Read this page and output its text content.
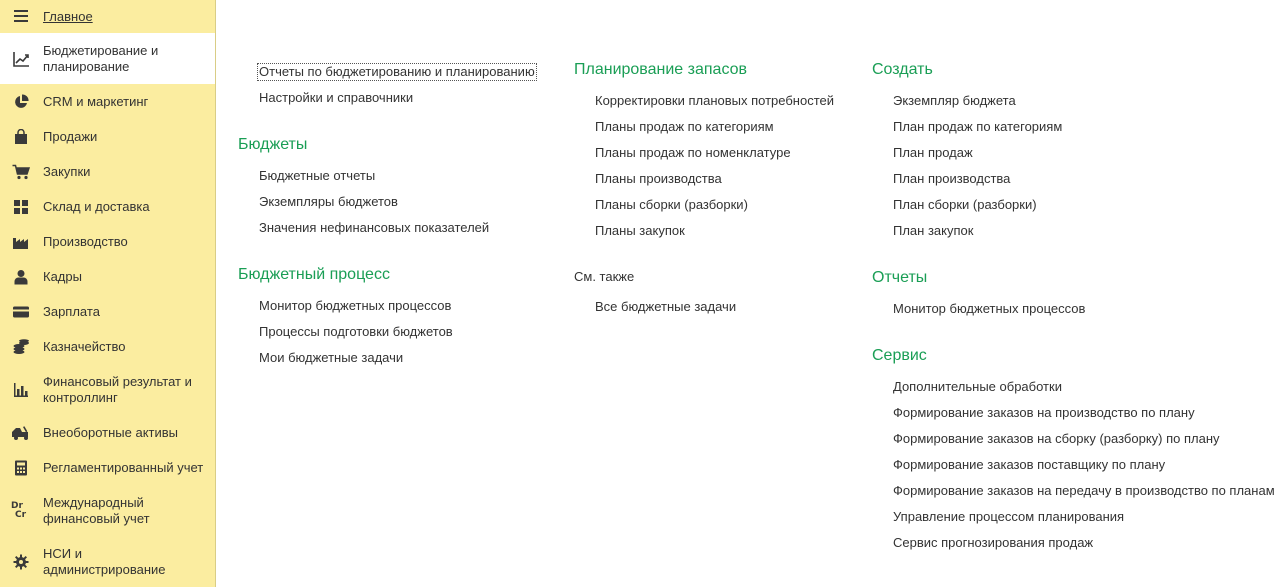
Главное
Бюджетирование и планирование
CRM и маркетинг
Продажи
Закупки
Склад и доставка
Производство
Кадры
Зарплата
Казначейство
Финансовый результат и контроллинг
Внеоборотные активы
Регламентированный учет
Dr
Cr
Международный финансовый учет
НСИ и администрирование
Отчеты по бюджетированию и планированию
Настройки и справочники
Бюджеты
Бюджетные отчеты
Экземпляры бюджетов
Значения нефинансовых показателей
Бюджетный процесс
Монитор бюджетных процессов
Процессы подготовки бюджетов
Мои бюджетные задачи
Планирование запасов
Корректировки плановых потребностей
Планы продаж по категориям
Планы продаж по номенклатуре
Планы производства
Планы сборки (разборки)
Планы закупок
См. также
Все бюджетные задачи
Создать
Экземпляр бюджета
План продаж по категориям
План продаж
План производства
План сборки (разборки)
План закупок
Отчеты
Монитор бюджетных процессов
Сервис
Дополнительные обработки
Формирование заказов на производство по плану
Формирование заказов на сборку (разборку) по плану
Формирование заказов поставщику по плану
Формирование заказов на передачу в производство по планам
Управление процессом планирования
Сервис прогнозирования продаж
